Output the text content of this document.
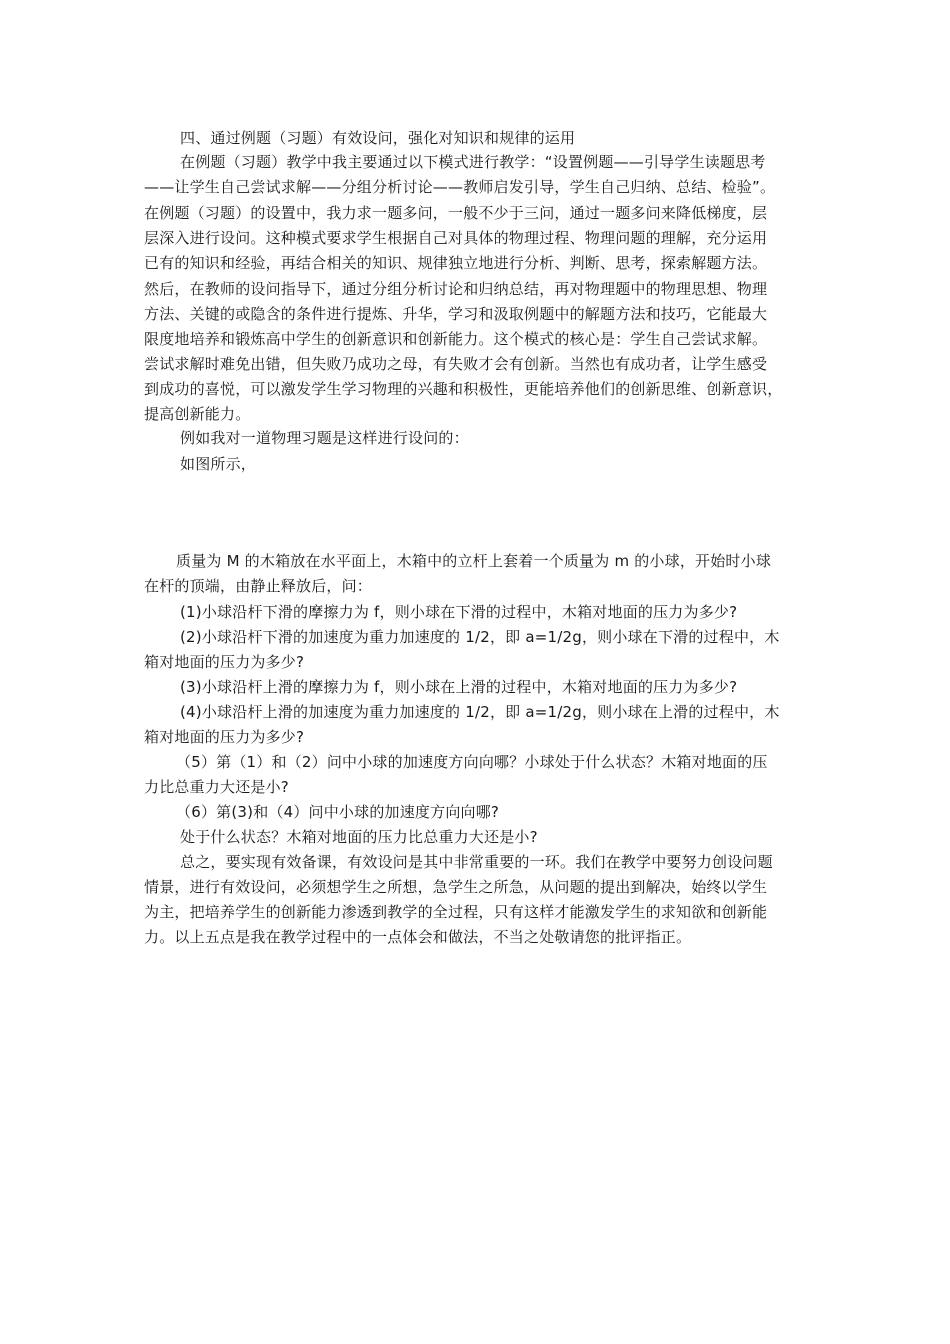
四、通过例题（习题）有效设问，强化对知识和规律的运用
在例题（习题）教学中我主要通过以下模式进行教学：“设置例题——引导学生读题思考
——让学生自己尝试求解——分组分析讨论——教师启发引导，学生自己归纳、总结、检验”。
在例题（习题）的设置中，我力求一题多问，一般不少于三问，通过一题多问来降低梯度，层
层深入进行设问。这种模式要求学生根据自己对具体的物理过程、物理问题的理解，充分运用
已有的知识和经验，再结合相关的知识、规律独立地进行分析、判断、思考，探索解题方法。
然后，在教师的设问指导下，通过分组分析讨论和归纳总结，再对物理题中的物理思想、物理
方法、关键的或隐含的条件进行提炼、升华，学习和汲取例题中的解题方法和技巧，它能最大
限度地培养和锻炼高中学生的创新意识和创新能力。这个模式的核心是：学生自己尝试求解。
尝试求解时难免出错，但失败乃成功之母，有失败才会有创新。当然也有成功者，让学生感受
到成功的喜悦，可以激发学生学习物理的兴趣和积极性，更能培养他们的创新思维、创新意识，
提高创新能力。
例如我对一道物理习题是这样进行设问的：
如图所示，
质量为 M 的木箱放在水平面上，木箱中的立杆上套着一个质量为 m 的小球，开始时小球
在杆的顶端，由静止释放后，问：
(1)小球沿杆下滑的摩擦力为 f，则小球在下滑的过程中，木箱对地面的压力为多少?
(2)小球沿杆下滑的加速度为重力加速度的 1/2，即 a=1/2g，则小球在下滑的过程中，木
箱对地面的压力为多少?
(3)小球沿杆上滑的摩擦力为 f，则小球在上滑的过程中，木箱对地面的压力为多少?
(4)小球沿杆上滑的加速度为重力加速度的 1/2，即 a=1/2g，则小球在上滑的过程中，木
箱对地面的压力为多少?
（5）第（1）和（2）问中小球的加速度方向向哪？小球处于什么状态？木箱对地面的压
力比总重力大还是小?
（6）第(3)和（4）问中小球的加速度方向向哪?
处于什么状态？木箱对地面的压力比总重力大还是小?
总之，要实现有效备课，有效设问是其中非常重要的一环。我们在教学中要努力创设问题
情景，进行有效设问，必须想学生之所想，急学生之所急，从问题的提出到解决，始终以学生
为主，把培养学生的创新能力渗透到教学的全过程，只有这样才能激发学生的求知欲和创新能
力。以上五点是我在教学过程中的一点体会和做法，不当之处敬请您的批评指正。
